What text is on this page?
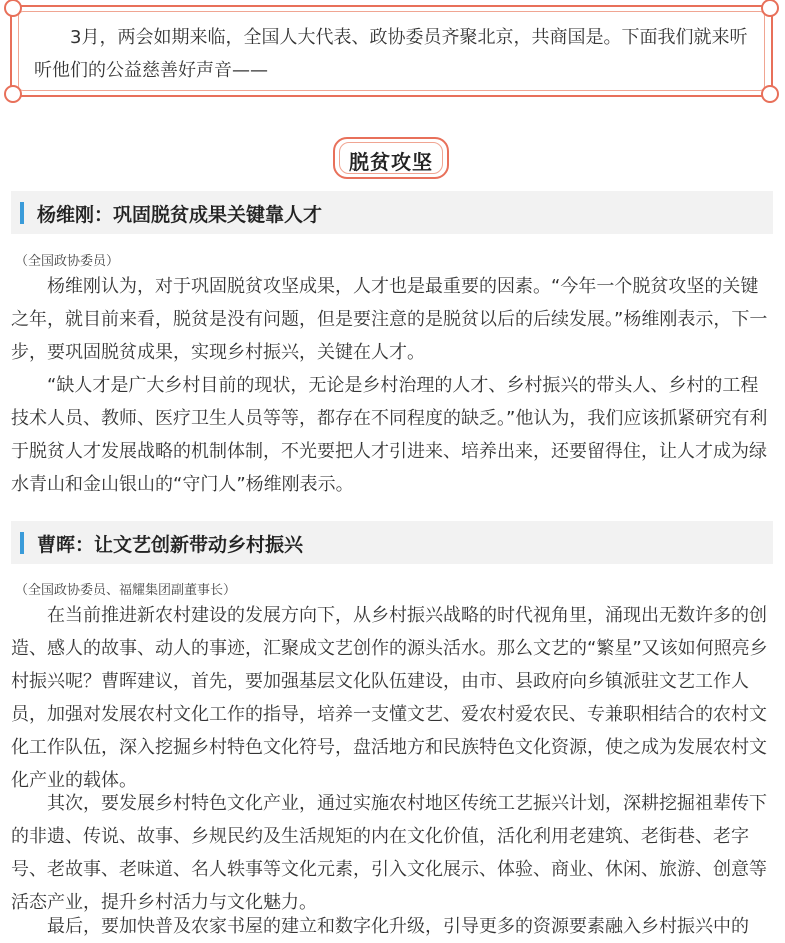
3月，两会如期来临，全国人大代表、政协委员齐聚北京，共商国是。下面我们就来听听他们的公益慈善好声音——

脱贫攻坚
杨维刚：巩固脱贫成果关键靠人才
（全国政协委员）

杨维刚认为，对于巩固脱贫攻坚成果，人才也是最重要的因素。“今年一个脱贫攻坚的关键之年，就目前来看，脱贫是没有问题，但是要注意的是脱贫以后的后续发展。”杨维刚表示，下一步，要巩固脱贫成果，实现乡村振兴，关键在人才。

“缺人才是广大乡村目前的现状，无论是乡村治理的人才、乡村振兴的带头人、乡村的工程技术人员、教师、医疗卫生人员等等，都存在不同程度的缺乏。”他认为，我们应该抓紧研究有利于脱贫人才发展战略的机制体制，不光要把人才引进来、培养出来，还要留得住，让人才成为绿水青山和金山银山的“守门人”杨维刚表示。

曹晖：让文艺创新带动乡村振兴
（全国政协委员、福耀集团副董事长）

在当前推进新农村建设的发展方向下，从乡村振兴战略的时代视角里，涌现出无数许多的创造、感人的故事、动人的事迹，汇聚成文艺创作的源头活水。那么文艺的“繁星”又该如何照亮乡村振兴呢？曹晖建议，首先，要加强基层文化队伍建设，由市、县政府向乡镇派驻文艺工作人员，加强对发展农村文化工作的指导，培养一支懂文艺、爱农村爱农民、专兼职相结合的农村文化工作队伍，深入挖掘乡村特色文化符号，盘活地方和民族特色文化资源，使之成为发展农村文化产业的载体。

其次，要发展乡村特色文化产业，通过实施农村地区传统工艺振兴计划，深耕挖掘祖辈传下的非遗、传说、故事、乡规民约及生活规矩的内在文化价值，活化利用老建筑、老街巷、老字号、老故事、老味道、名人轶事等文化元素，引入文化展示、体验、商业、休闲、旅游、创意等活态产业，提升乡村活力与文化魅力。

最后，要加快普及农家书屋的建立和数字化升级，引导更多的资源要素融入乡村振兴中的
